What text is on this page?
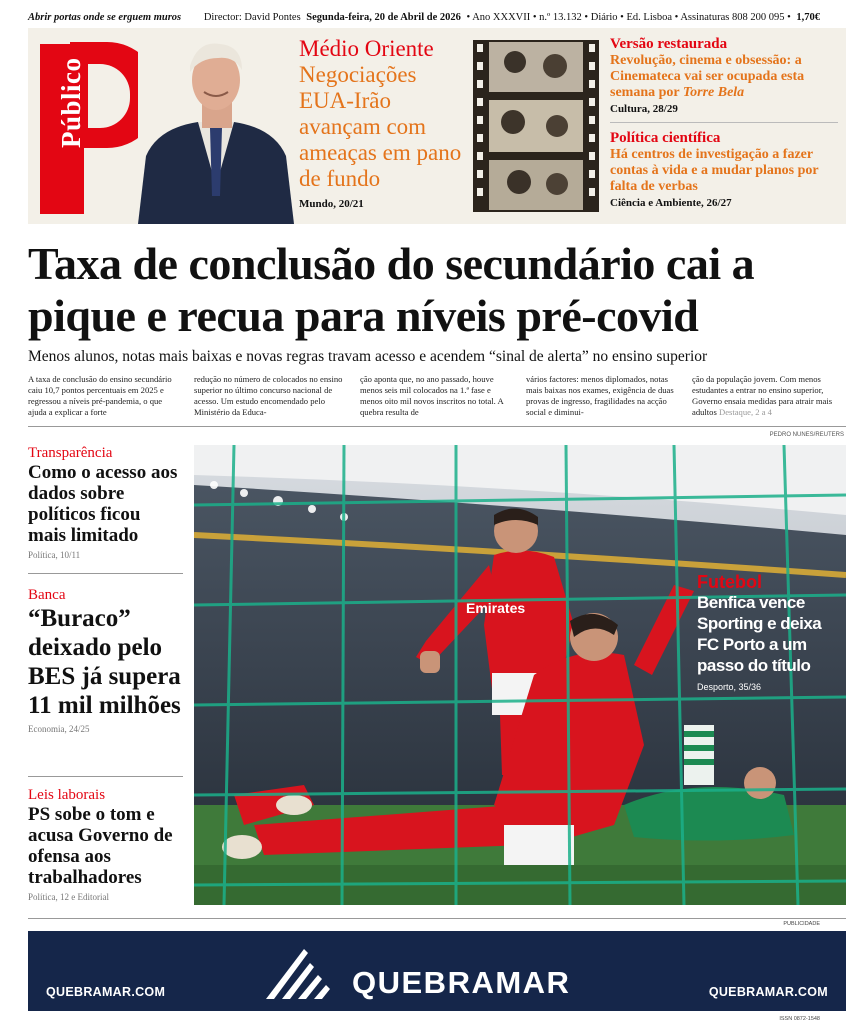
Abrir portas onde se erguem muros Director: David Pontes Segunda-feira, 20 de Abril de 2026 • Ano XXXVII • n.º 13.132 • Diário • Ed. Lisboa • Assinaturas 808 200 095 • 1,70€
Público
Médio Oriente
Negociações EUA-Irão avançam com ameaças em pano de fundo
Mundo, 20/21
Versão restaurada
Revolução, cinema e obsessão: a Cinemateca vai ser ocupada esta semana por Torre Bela
Cultura, 28/29
Política científica
Há centros de investigação a fazer contas à vida e a mudar planos por falta de verbas
Ciência e Ambiente, 26/27
Taxa de conclusão do secundário cai a pique e recua para níveis pré-covid
Menos alunos, notas mais baixas e novas regras travam acesso e acendem “sinal de alerta” no ensino superior
A taxa de conclusão do ensino secundário caiu 10,7 pontos percentuais em 2025 e regressou a níveis pré-pandemia, o que ajuda a explicar a forte
redução no número de colocados no ensino superior no último concurso nacional de acesso. Um estudo encomendado pelo Ministério da Educa-
ção aponta que, no ano passado, houve menos seis mil colocados na 1.ª fase e menos oito mil novos inscritos no total. A quebra resulta de
vários factores: menos diplomados, notas mais baixas nos exames, exigência de duas provas de ingresso, fragilidades na acção social e diminui-
ção da população jovem. Com menos estudantes a entrar no ensino superior, Governo ensaia medidas para atrair mais adultos Destaque, 2 a 4
PEDRO NUNES/REUTERS
Transparência
Como o acesso aos dados sobre políticos ficou mais limitado
Política, 10/11
Banca
“Buraco” deixado pelo BES já supera 11 mil milhões
Economia, 24/25
Leis laborais
PS sobe o tom e acusa Governo de ofensa aos trabalhadores
Política, 12 e Editorial
Emirates
Futebol
Benfica vence Sporting e deixa FC Porto a um passo do título
Desporto, 35/36
PUBLICIDADE
QUEBRAMAR
QUEBRAMAR.COM	QUEBRAMAR.COM
ISSN 0872-1548
